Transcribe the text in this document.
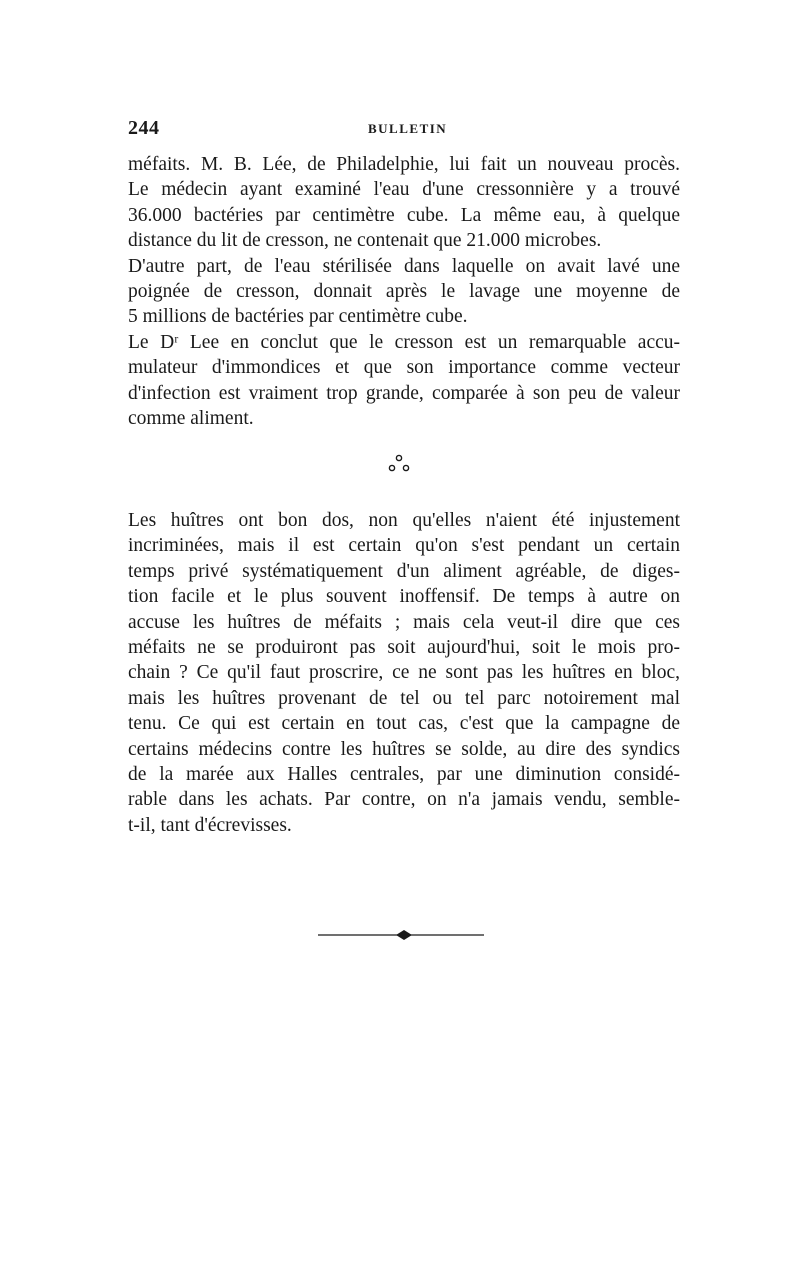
244	BULLETIN

méfaits. M. B. Lée, de Philadelphie, lui fait un nouveau procès.
Le médecin ayant examiné l'eau d'une cressonnière y a trouvé
36.000 bactéries par centimètre cube. La même eau, à quelque
distance du lit de cresson, ne contenait que 21.000 microbes.

D'autre part, de l'eau stérilisée dans laquelle on avait lavé une
poignée de cresson, donnait après le lavage une moyenne de
5 millions de bactéries par centimètre cube.

Le Dʳ Lee en conclut que le cresson est un remarquable accu-
mulateur d'immondices et que son importance comme vecteur
d'infection est vraiment trop grande, comparée à son peu de valeur
comme aliment.

Les huîtres ont bon dos, non qu'elles n'aient été injustement
incriminées, mais il est certain qu'on s'est pendant un certain
temps privé systématiquement d'un aliment agréable, de diges-
tion facile et le plus souvent inoffensif. De temps à autre on
accuse les huîtres de méfaits ; mais cela veut-il dire que ces
méfaits ne se produiront pas soit aujourd'hui, soit le mois pro-
chain ? Ce qu'il faut proscrire, ce ne sont pas les huîtres en bloc,
mais les huîtres provenant de tel ou tel parc notoirement mal
tenu. Ce qui est certain en tout cas, c'est que la campagne de
certains médecins contre les huîtres se solde, au dire des syndics
de la marée aux Halles centrales, par une diminution considé-
rable dans les achats. Par contre, on n'a jamais vendu, semble-
t-il, tant d'écrevisses.
